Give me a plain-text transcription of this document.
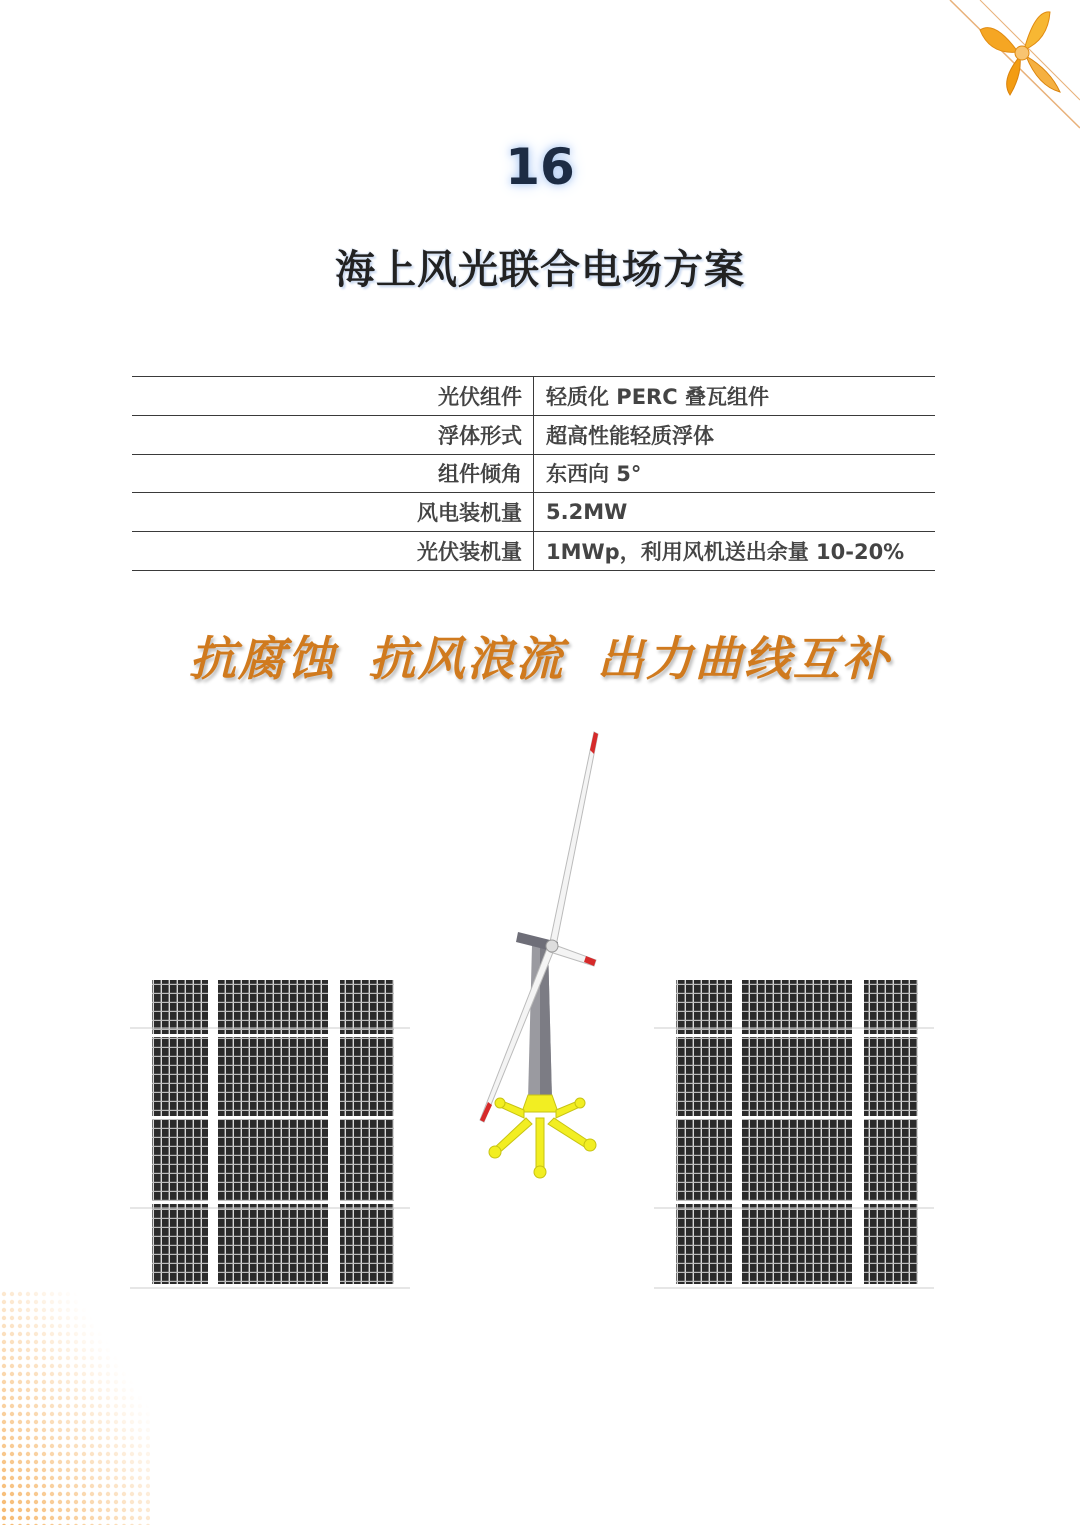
16
海上风光联合电场方案
光伏组件	轻质化 PERC 叠瓦组件
浮体形式	超高性能轻质浮体
组件倾角	东西向 5°
风电装机量	5.2MW
光伏装机量	1MWp，利用风机送出余量 10-20%
抗腐蚀 抗风浪流 出力曲线互补
